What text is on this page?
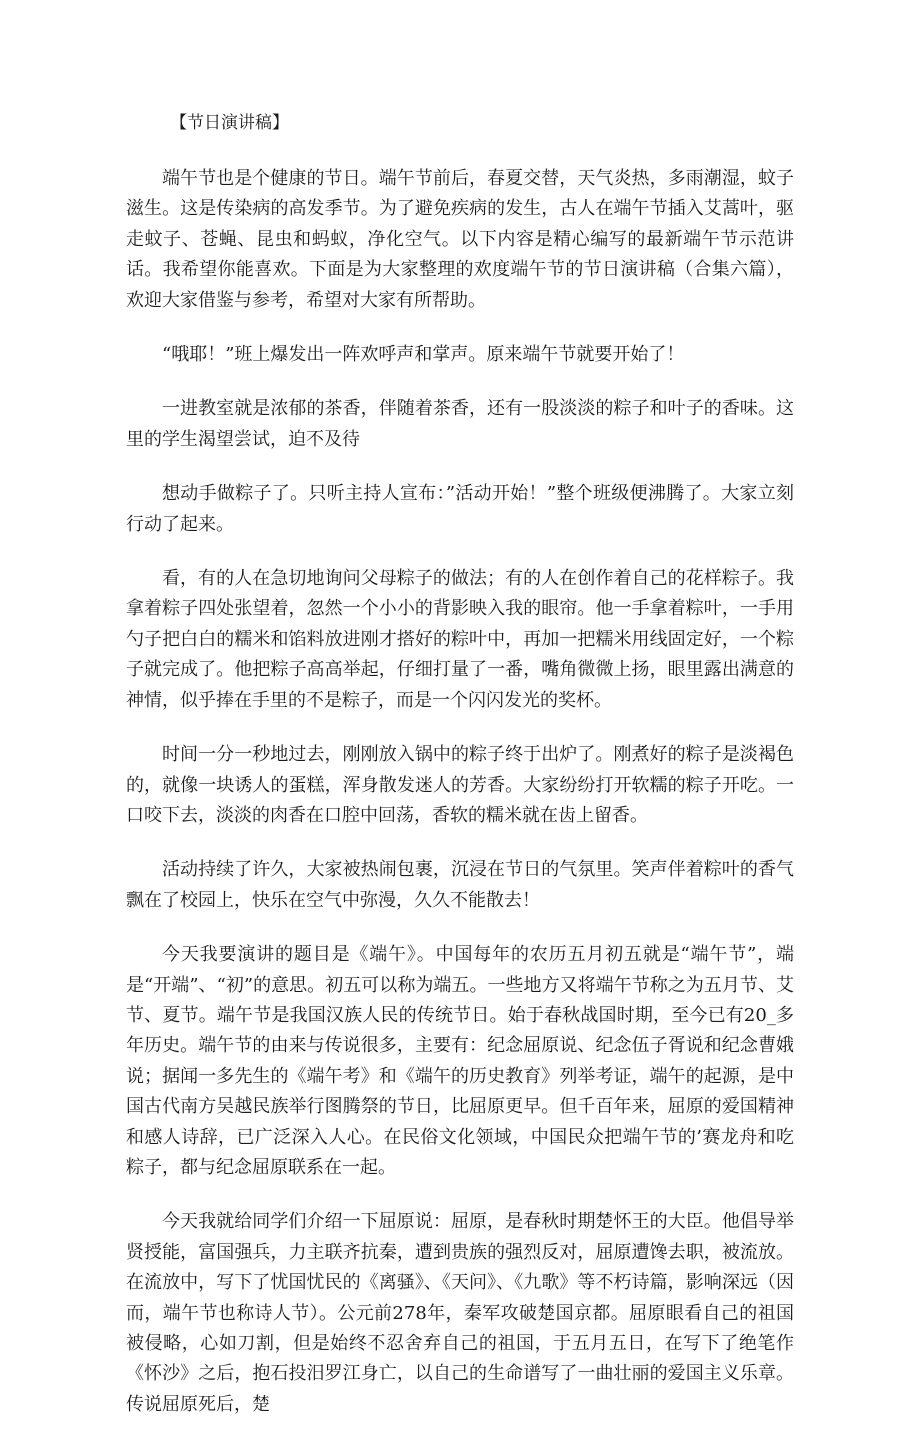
【节日演讲稿】

端午节也是个健康的节日。端午节前后，春夏交替，天气炎热，多雨潮湿，蚊子滋生。这是传染病的高发季节。为了避免疾病的发生，古人在端午节插入艾蒿叶，驱走蚊子、苍蝇、昆虫和蚂蚁，净化空气。以下内容是精心编写的最新端午节示范讲话。我希望你能喜欢。下面是为大家整理的欢度端午节的节日演讲稿（合集六篇），欢迎大家借鉴与参考，希望对大家有所帮助。

“哦耶！”班上爆发出一阵欢呼声和掌声。原来端午节就要开始了！

一进教室就是浓郁的茶香，伴随着茶香，还有一股淡淡的粽子和叶子的香味。这里的学生渴望尝试，迫不及待

想动手做粽子了。只听主持人宣布：”活动开始！”整个班级便沸腾了。大家立刻行动了起来。

看，有的人在急切地询问父母粽子的做法；有的人在创作着自己的花样粽子。我拿着粽子四处张望着，忽然一个小小的背影映入我的眼帘。他一手拿着粽叶，一手用勺子把白白的糯米和馅料放进刚才搭好的粽叶中，再加一把糯米用线固定好，一个粽子就完成了。他把粽子高高举起，仔细打量了一番，嘴角微微上扬，眼里露出满意的神情，似乎捧在手里的不是粽子，而是一个闪闪发光的奖杯。

时间一分一秒地过去，刚刚放入锅中的粽子终于出炉了。刚煮好的粽子是淡褐色的，就像一块诱人的蛋糕，浑身散发迷人的芳香。大家纷纷打开软糯的粽子开吃。一口咬下去，淡淡的肉香在口腔中回荡，香软的糯米就在齿上留香。

活动持续了许久，大家被热闹包裹，沉浸在节日的气氛里。笑声伴着粽叶的香气飘在了校园上，快乐在空气中弥漫，久久不能散去！

今天我要演讲的题目是《端午》。中国每年的农历五月初五就是“端午节”，端是“开端”、“初”的意思。初五可以称为端五。一些地方又将端午节称之为五月节、艾节、夏节。端午节是我国汉族人民的传统节日。始于春秋战国时期，至今已有20_多年历史。端午节的由来与传说很多，主要有：纪念屈原说、纪念伍子胥说和纪念曹娥说；据闻一多先生的《端午考》和《端午的历史教育》列举考证，端午的起源，是中国古代南方吴越民族举行图腾祭的节日，比屈原更早。但千百年来，屈原的爱国精神和感人诗辞，已广泛深入人心。在民俗文化领域，中国民众把端午节的’赛龙舟和吃粽子，都与纪念屈原联系在一起。

今天我就给同学们介绍一下屈原说：屈原，是春秋时期楚怀王的大臣。他倡导举贤授能，富国强兵，力主联齐抗秦，遭到贵族的强烈反对，屈原遭馋去职，被流放。在流放中，写下了忧国忧民的《离骚》、《天问》、《九歌》等不朽诗篇，影响深远（因而，端午节也称诗人节）。公元前278年，秦军攻破楚国京都。屈原眼看自己的祖国被侵略，心如刀割，但是始终不忍舍弃自己的祖国，于五月五日，在写下了绝笔作《怀沙》之后，抱石投汨罗江身亡，以自己的生命谱写了一曲壮丽的爱国主义乐章。传说屈原死后，楚
